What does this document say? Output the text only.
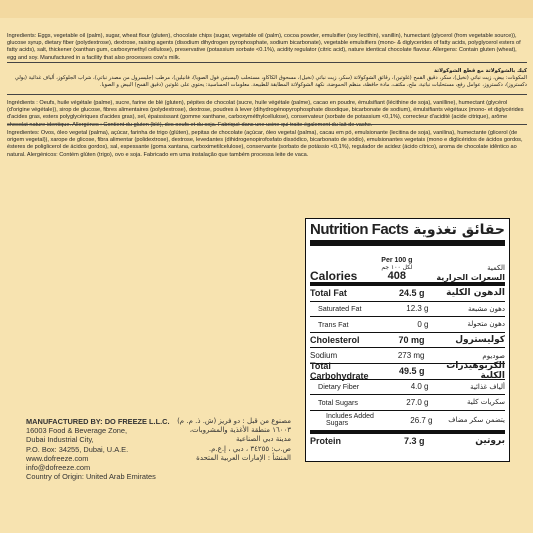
Ingredients: Eggs, vegetable oil (palm), sugar, wheat flour (gluten), chocolate chips (sugar, vegetable oil (palm), cocoa powder, emulsifier (soy lecithin), vanillin), humectant (glycerol (from vegetable source)), glucose syrup, dietary fiber (polydextrose), dextrose, raising agents (disodium dihydrogen pyrophosphate, sodium bicarbonate), vegetable emulsifiers (mono- & diglycerides of fatty acids, polyglycerol esters of fatty acids), salt, thickener (xanthan gum, carboxymethyl cellulose), preservative (potassium sorbate <0.1%), acidity regulator (citric acid), nature identical chocolate flavour. Allergens: Contain gluten (wheat), egg and soy. Manufactured in a facility that also processes cow's milk.

كيك بالشوكولاتة مع قطع الشوكولاتة

المكونات: بيض، زيت نباتي (نخيل)، سكر، دقيق القمح (غلوتين)، رقائق الشوكولاتة (سكر، زيت نباتي (نخيل)، مسحوق الكاكاو، مستحلب (ليسيثين فول الصويا)، فانيلين)، مرطب (جليسرول من مصدر نباتي)، شراب الجلوكوز، ألياف غذائية (بولي دكستروز)، دكستروز، عوامل رفع، مستحلبات نباتية، ملح، مكثف، مادة حافظة، منظم الحموضة، نكهة الشوكولاتة المطابقة للطبيعة. معلومات الحساسية: يحتوي على غلوتين (دقيق القمح) البيض و الصويا.

Ingrédients : Oeufs, huile végétale (palme), sucre, farine de blé (gluten), pépites de chocolat (sucre, huile végétale (palme), cacao en poudre, émulsifiant (lécithine de soja), vanilline), humectant (glycérol (d'origine végétale)), sirop de glucose, fibres alimentaires (polydextrose), dextrose, poudres à lever (dihydrogénopyrophosphate disodique, bicarbonate de sodium), émulsifiants végétaux (mono- et diglycérides d'acides gras, esters polyglycériques d'acides gras), sel, épaississant (gomme xanthane, carboxyméthylcellulose), conservateur (sorbate de potassium <0,1%), correcteur d'acidité (acide citrique), arôme chocolat nature identique. Allergènes : Contient du gluten (blé), des oeufs et du soja. Fabriqué dans une usine qui traite également du lait de vache.

Ingredientes: Ovos, óleo vegetal (palma), açúcar, farinha de trigo (glúten), pepitas de chocolate (açúcar, óleo vegetal (palma), cacau em pó, emulsionante (lecitina de soja), vanilina), humectante (glicerol (de origem vegetal)), xarope de glicose, fibra alimentar (polidextrose), dextrose, levedantes (dihidrogenopirofosfato dissódico, bicarbonato de sódio), emulsionantes vegetais (mono e diglicéridos de ácidos gordos, ésteres de poliglicerol de ácidos gordos), sal, espessante (goma xantana, carboximetilcelulose), conservante (sorbato de potássio <0,1%), regulador de acidez (ácido cítrico), aroma de chocolate idêntico ao natural. Alergénicos: Contém glúten (trigo), ovo e soja. Fabricado em uma instalação que também processa leite de vaca.

MANUFACTURED BY: DO FREEZE L.L.C.
16003 Food & Beverage Zone,
Dubai Industrial City,
P.O. Box: 34255, Dubai, U.A.E.
www.dofreeze.com
info@dofreeze.com
Country of Origin: United Arab Emirates
مصنوع من قبل : دو فريز (ش. ذ. م. م)
١٦٠٠٣ منطقة الأغذية والمشروبات،
مدينة دبي الصناعية
ص.ب: ٣٤٢٥٥ ، دبي ، إ.ع.م.
المنشأ : الإمارات العربية المتحدة
Nutrition Facts حقائق تغذوية
Calories
Per 100 g
لكل ١٠٠ جم
408
الكمية
السعرات الحرارية
Total Fat	24.5 g	الدهون الكلية
Saturated Fat	12.3 g	دهون مشبعة
Trans Fat	0 g	دهون متحولة
Cholesterol	70 mg	كوليسترول
Sodium	273 mg	صوديوم
Total Carbohydrate	49.5 g	الكربوهيدرات الكلية
Dietary Fiber	4.0 g	ألياف غذائية
Total Sugars	27.0 g	سكريات كلية
Includes Added Sugars	26.7 g	يتضمن سكر مضاف
Protein	7.3 g	بروتين
